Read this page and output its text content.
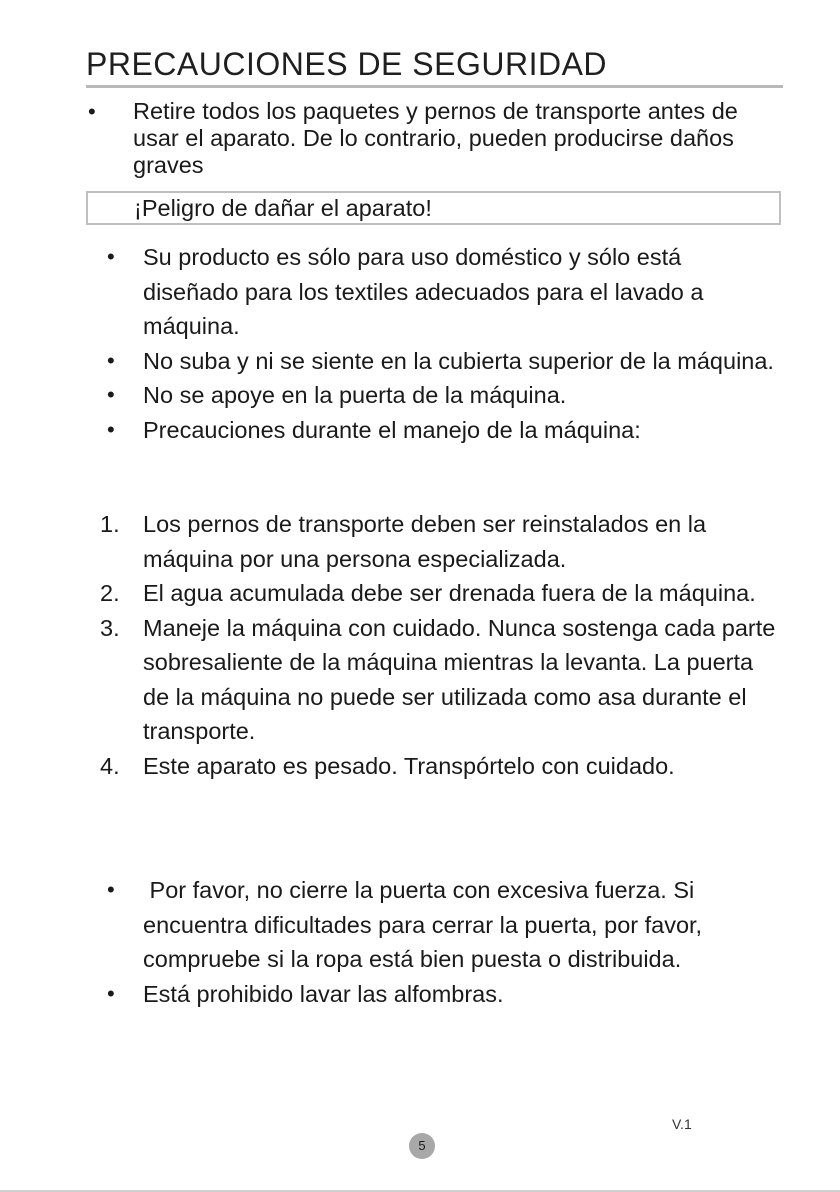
PRECAUCIONES DE SEGURIDAD
• Retire todos los paquetes y pernos de transporte antes de usar el aparato. De lo contrario, pueden producirse daños graves
¡Peligro de dañar el aparato!
• Su producto es sólo para uso doméstico y sólo está diseñado para los textiles adecuados para el lavado a máquina.
• No suba y ni se siente en la cubierta superior de la máquina.
• No se apoye en la puerta de la máquina.
• Precauciones durante el manejo de la máquina:
1. Los pernos de transporte deben ser reinstalados en la máquina por una persona especializada.
2. El agua acumulada debe ser drenada fuera de la máquina.
3. Maneje la máquina con cuidado. Nunca sostenga cada parte sobresaliente de la máquina mientras la levanta. La puerta de la máquina no puede ser utilizada como asa durante el transporte.
4. Este aparato es pesado. Transpórtelo con cuidado.
• Por favor, no cierre la puerta con excesiva fuerza. Si encuentra dificultades para cerrar la puerta, por favor, compruebe si la ropa está bien puesta o distribuida.
• Está prohibido lavar las alfombras.
V.1
5
